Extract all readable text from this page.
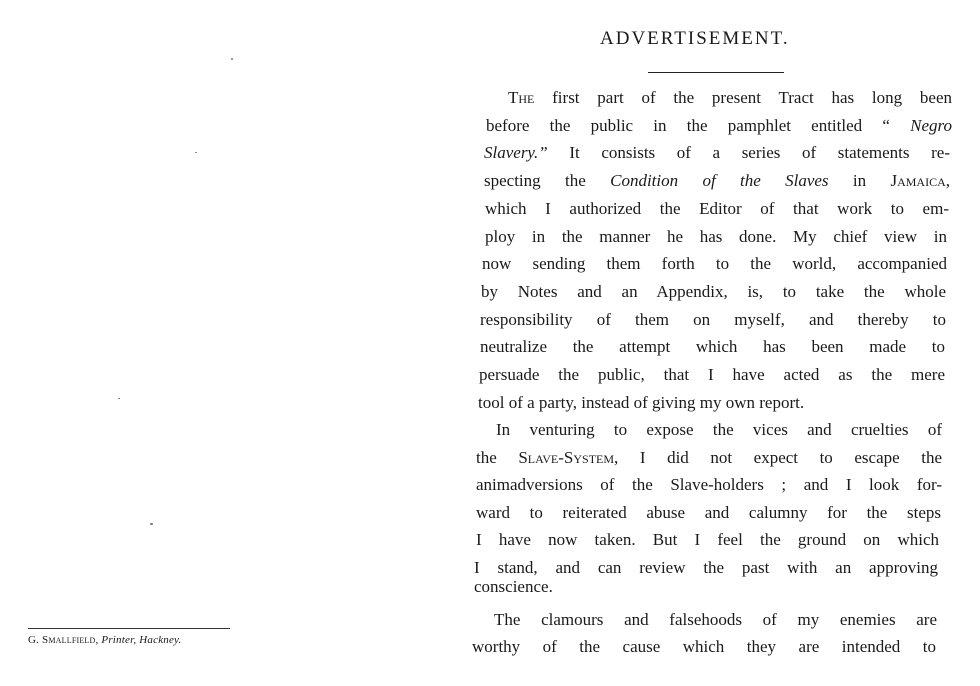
G. Smallfield, Printer, Hackney.
ADVERTISEMENT.
The first part of the present Tract has long been
before the public in the pamphlet entitled “ Negro
Slavery.” It consists of a series of statements re-
specting the Condition of the Slaves in Jamaica,
which I authorized the Editor of that work to em-
ploy in the manner he has done. My chief view in
now sending them forth to the world, accompanied
by Notes and an Appendix, is, to take the whole
responsibility of them on myself, and thereby to
neutralize the attempt which has been made to
persuade the public, that I have acted as the mere
tool of a party, instead of giving my own report.
In venturing to expose the vices and cruelties of
the Slave-System, I did not expect to escape the
animadversions of the Slave-holders ; and I look for-
ward to reiterated abuse and calumny for the steps
I have now taken. But I feel the ground on which
I stand, and can review the past with an approving
conscience.
The clamours and falsehoods of my enemies are
worthy of the cause which they are intended to
